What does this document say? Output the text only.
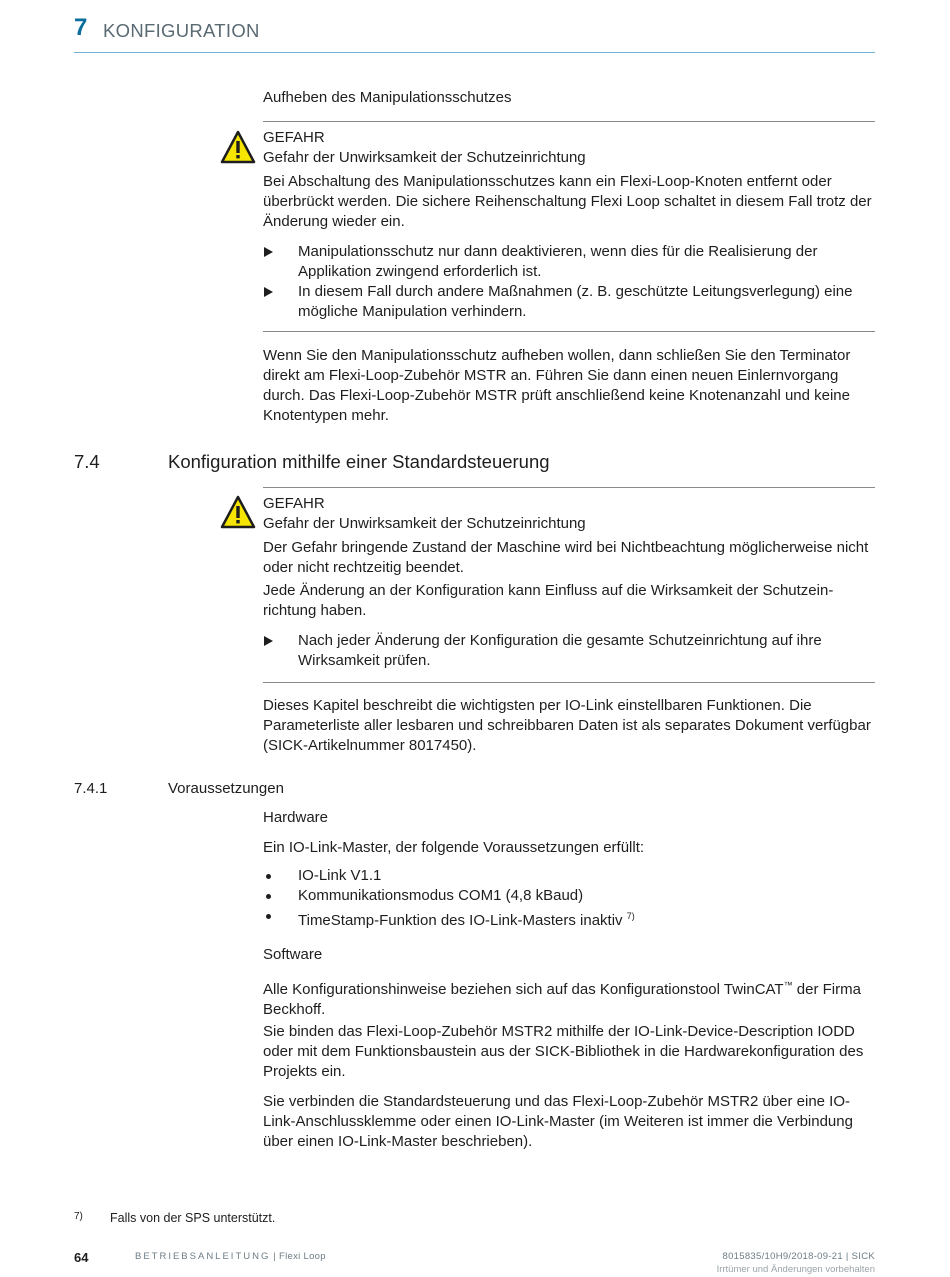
7 KONFIGURATION
Aufheben des Manipulationsschutzes
GEFAHR
Gefahr der Unwirksamkeit der Schutzeinrichtung
Bei Abschaltung des Manipulationsschutzes kann ein Flexi-Loop-Knoten entfernt oder überbrückt werden. Die sichere Reihenschaltung Flexi Loop schaltet in diesem Fall trotz der Änderung wieder ein.
Manipulationsschutz nur dann deaktivieren, wenn dies für die Realisierung der Applikation zwingend erforderlich ist.
In diesem Fall durch andere Maßnahmen (z. B. geschützte Leitungsverlegung) eine mögliche Manipulation verhindern.
Wenn Sie den Manipulationsschutz aufheben wollen, dann schließen Sie den Terminator direkt am Flexi-Loop-Zubehör MSTR an. Führen Sie dann einen neuen Einlernvorgang durch. Das Flexi-Loop-Zubehör MSTR prüft anschließend keine Knotenanzahl und keine Knotentypen mehr.
7.4	Konfiguration mithilfe einer Standardsteuerung
GEFAHR
Gefahr der Unwirksamkeit der Schutzeinrichtung
Der Gefahr bringende Zustand der Maschine wird bei Nichtbeachtung möglicherweise nicht oder nicht rechtzeitig beendet.
Jede Änderung an der Konfiguration kann Einfluss auf die Wirksamkeit der Schutzeinrichtung haben.
Nach jeder Änderung der Konfiguration die gesamte Schutzeinrichtung auf ihre Wirksamkeit prüfen.
Dieses Kapitel beschreibt die wichtigsten per IO-Link einstellbaren Funktionen. Die Parameterliste aller lesbaren und schreibbaren Daten ist als separates Dokument verfügbar (SICK-Artikelnummer 8017450).
7.4.1	Voraussetzungen
Hardware
Ein IO-Link-Master, der folgende Voraussetzungen erfüllt:
IO-Link V1.1
Kommunikationsmodus COM1 (4,8 kBaud)
TimeStamp-Funktion des IO-Link-Masters inaktiv $^{7)}$
Software
Alle Konfigurationshinweise beziehen sich auf das Konfigurationstool TwinCAT™ der Firma Beckhoff.
Sie binden das Flexi-Loop-Zubehör MSTR2 mithilfe der IO-Link-Device-Description IODD oder mit dem Funktionsbaustein aus der SICK-Bibliothek in die Hardwarekonfiguration des Projekts ein.
Sie verbinden die Standardsteuerung und das Flexi-Loop-Zubehör MSTR2 über eine IO-Link-Anschlussklemme oder einen IO-Link-Master (im Weiteren ist immer die Verbindung über einen IO-Link-Master beschrieben).
7) Falls von der SPS unterstützt.
64	BETRIEBSANLEITUNG | Flexi Loop	8015835/10H9/2018-09-21 | SICK
Irrtümer und Änderungen vorbehalten
